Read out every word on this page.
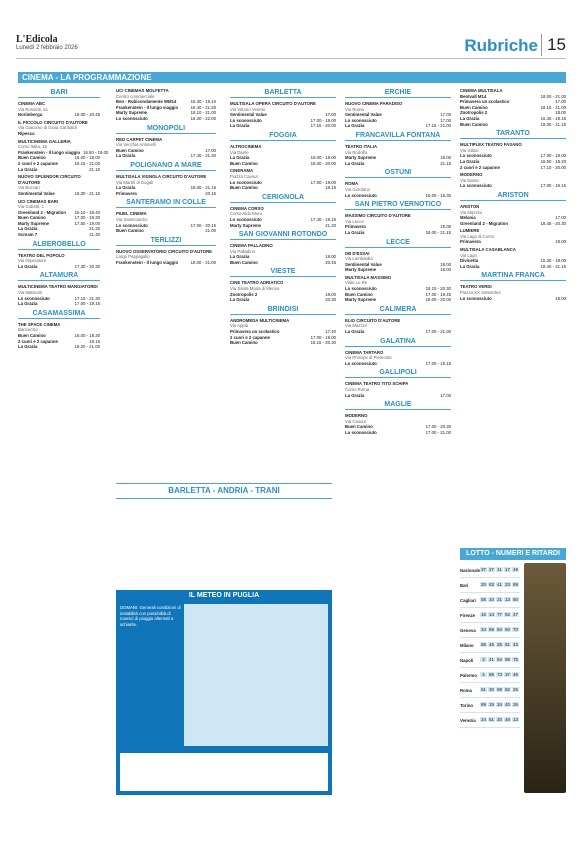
L'Edicola
Lunedì 2 febbraio 2026	Rubriche 15
CINEMA - LA PROGRAMMAZIONE
BARI
CINEMA ABC
Via Rossetti, 61
Norimberga	18.00 - 20.45
IL PICCOLO CIRCUITO D'AUTORE
Via Giacomo di Gioia Garibaldi
Ripesca
MULTICINEMA GALLERIA
Corso Italia, 15
Frankenstein - Il lungo viaggio 16.50 - 19.00
Buen Camino	16.00 - 18.00
2 cuori e 2 capanne	18.15 - 21.00
La Grazia	21.10
NUOVO SPLENDOR CIRCUITO D'AUTORE
Via Buccari
Sentimental Value	18.30 - 21.15
UCI CINEMAS BARI
Via Gobetti, 1
Greenland 2 - Migration 16.10 - 18.40
Buen Camino	17.00 - 19.30
Marty Supreme	17.50 - 19.00
La Grazia	21.20
Scream 7	21.40
ALBEROBELLO
TEATRO DEL POPOLO
Via Imperatore
La Grazia	17.30 - 20.30
ALTAMURA
MULTICINEMA TEATRO MANGIATORDI
Via Matteotti
Lo sconosciuto	17.15 - 21.30
La Grazia	17.00 - 19.15
CASAMASSIMA
THE SPACE CINEMA
Baricentro
Buen Camino	16.00 - 18.30
2 cuori e 2 capanne	18.15
La Grazia	18.20 - 21.00
UCI CINEMAS MOLFETTA
Centro commerciale
Ben - Rubicondamente WM14	16.30 - 19.10
Frankenstein - Il lungo viaggio	16.40 - 21.20
Marty Supreme	18.10 - 21.00
Lo sconosciuto	16.30 - 22.00
MONOPOLI
RED CARPET CINEMA
Via Vecchia Antonelli
Buen Camino	17.00
La Grazia	17.40 - 21.30
POLIGNANO A MARE
MULTISALA VIGNOLA CIRCUITO D'AUTORE
Via Martiri di Dogali
La Grazia	18.00 - 21.15
Primavera	20.15
SANTERAMO IN COLLE
PIUEL CINEMA
Via Sannicandro
Lo sconosciuto	17.00 - 20.15
Buen Camino	21.00
TERLIZZI
NUOVO OSSERVATORIO CIRCUITO D'AUTORE
Largo Pappagallo
Frankenstein - Il lungo viaggio	18.00 - 21.00
BARLETTA
MULTISALA OPERA CIRCUITO D'AUTORE
Via Vittorio Veneto
Sentimental Value	17.00
Lo sconosciuto	17.00 - 19.00
La Grazia	17.15 - 20.00
FOGGIA
ALTROCINEMA
Via Dante
La Grazia	16.00 - 18.00
Buen Camino	18.00 - 20.00
CINERAMA
Piazza Cavour
Lo sconosciuto	17.00 - 19.00
Buen Camino	18.15
CERIGNOLA
CINEMA CORSO
Corso Aldo Moro
Lo sconosciuto	17.40 - 19.15
Marty Supreme	21.20
SAN GIOVANNI ROTONDO
CINEMA PALLADINO
Via Palladino
La Grazia	18.00
Buen Camino	20.45
VIESTE
CINE TEATRO ADRIATICO
Via Santa Maria di Merino
Zootropolis 2	18.00
La Grazia	20.30
BRINDISI
ANDROMEDA MULTICINEMA
Via Appia
Primavera un scolastico	17.40
2 cuori e 2 capanne	17.00 - 19.00
Buen Camino	18.15 - 20.30
ERCHIE
NUOVO CINEMA PARADISO
Via Roma
Sentimental Value	17.00
Lo sconosciuto	17.00
La Grazia	17.15 - 21.00
FRANCAVILLA FONTANA
TEATRO ITALIA
Via Rodolfo
Marty Supreme	18.00
La Grazia	21.15
OSTUNI
ROMA
Via Giordano
Lo sconosciuto	16.00 - 18.30
SAN PIETRO VERNOTICO
MASSIMO CIRCUITO D'AUTORE
Via Lecce
Primavera	18.00
La Grazia	18.00 - 21.15
LECCE
DB D'ESSAI
Via Lombardia
Sentimental Value	18.00
Marty Supreme	18.00
MULTISALA MASSIMO
Viale Lo Re
Lo sconosciuto	18.15 - 20.30
Buen Camino	17.00 - 19.45
Marty Supreme	18.00 - 20.00
CALIMERA
ELIO CIRCUITO D'AUTORE
Via Mazzini
La Grazia	17.00 - 21.00
GALATINA
CINEMA TARTARO
Via Principe di Piemonte
Lo sconosciuto	17.00 - 19.15
GALLIPOLI
CINEMA TEATRO TITO SCHIPA
Corso Roma
La Grazia	17.00
MAGLIE
MODERNO
Via Cavour
Buen Camino	17.00 - 20.30
Lo sconosciuto	17.00 - 21.00
CINEMA MULTISALA
Bentvall M14	18.00 - 21.00
Primavera un scolastico	17.00
Buen Camino	18.15 - 21.00
Zootropolis 2	18.00
La Grazia	16.45 - 19.15
Buen Camino	18.00 - 21.15
TARANTO
MULTIPLEX TEATRO FASANO
Via Istituti
Lo sconosciuto	17.00 - 19.00
La Grazia	16.50 - 19.20
2 cuori e 2 capanne	17.10 - 20.00
MODERNO
Via Dante
Lo sconosciuto	17.00 - 19.15
ARISTON
ARISTON
Via Mazzini
Melania	17.00
Greenland 2 - Migration	18.45 - 20.30
LUMIERE
Via Lago di Como
Primavera	19.00
MULTISALA CASABLANCA
Via Lago
Divinetta	15.30 - 18.00
La Grazia	18.40 - 21.15
MARTINA FRANCA
TEATRO VERDI
Piazza XX Settembre
Lo sconosciuto	18.00
BARLETTA - ANDRIA - TRANI
IL METEO IN PUGLIA
DOMANI: Generali condizioni di instabilità con possibilità di rovesci di pioggia alternati a schiarite.
LOTTO - NUMERI E RITARDI
Nazionale 37 27 11 17 49
Bari	20 63 41 23 89
Cagliari	55 10 21 13 50
Firenze	16 14 77 52 47
Genova	34 69 84 60 70
Milano	55 45 25 61 43
Napoli	3	41 84 88 75
Palermo	4	85 73 37 46
Roma	61 30 69 82 25
Torino	89 19 34 40 26
Venezia	24 51 20 48 13
